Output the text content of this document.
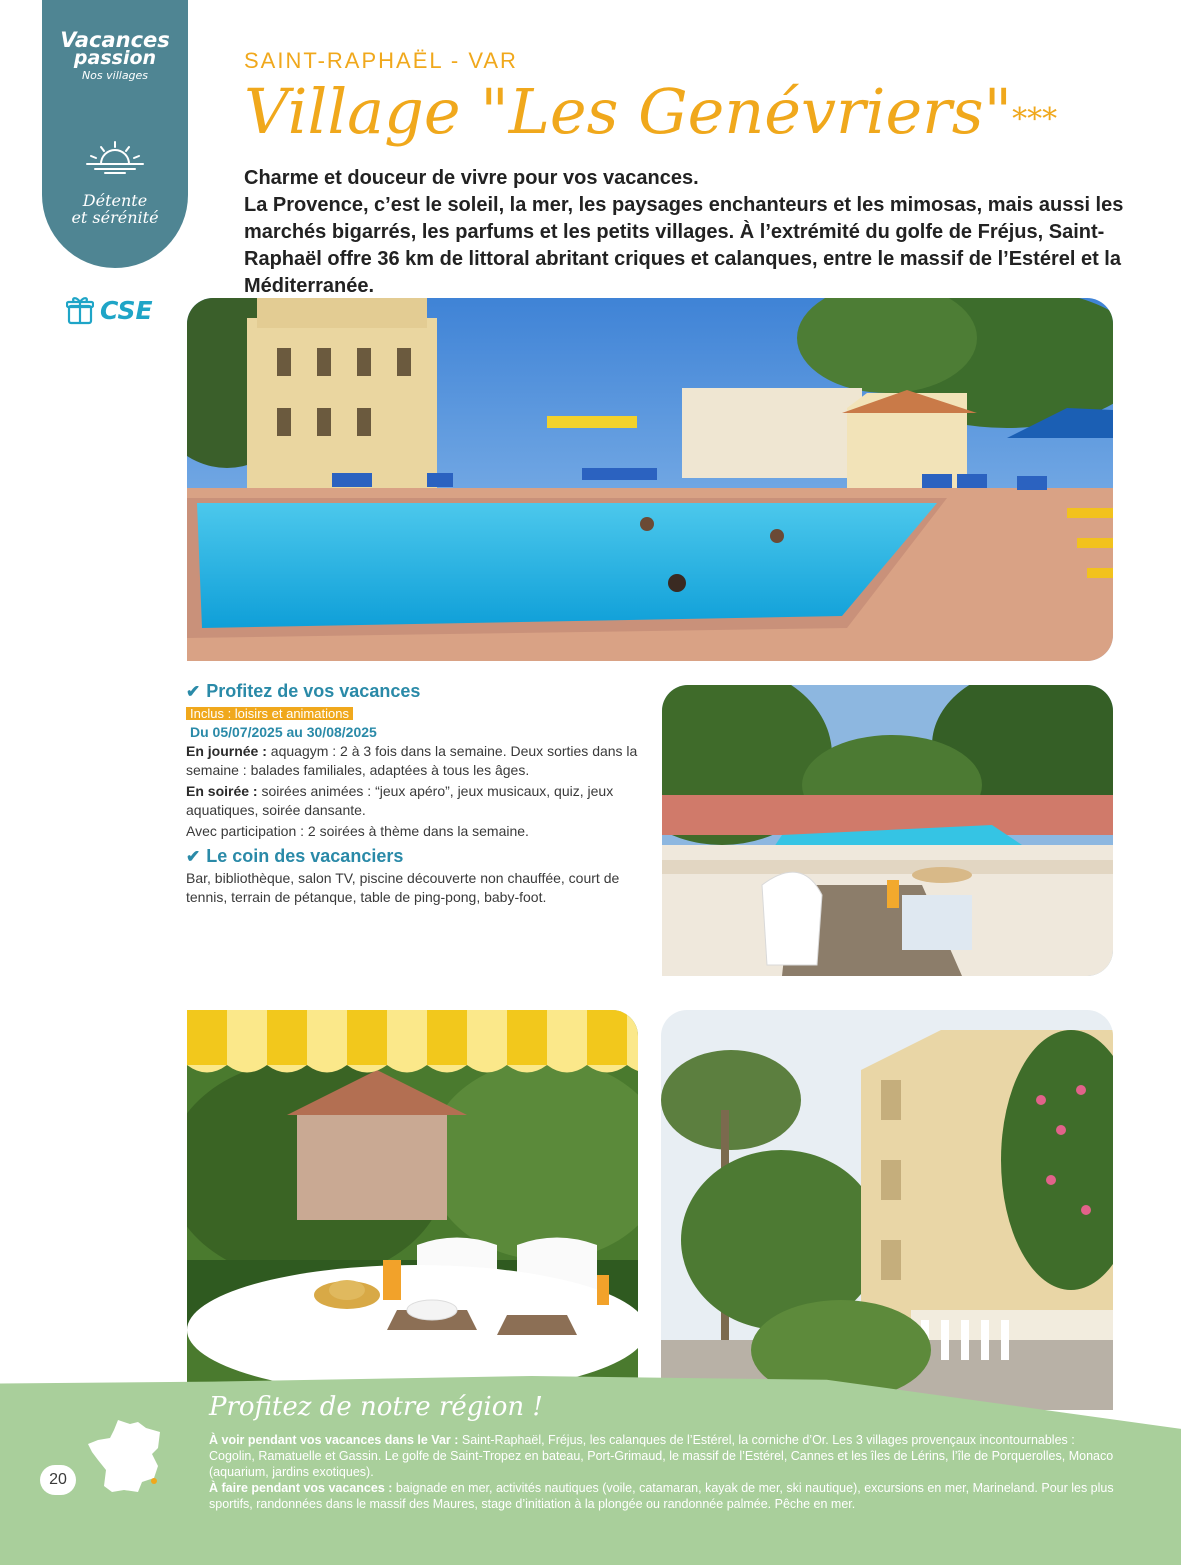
Vacances
passion
Nos villages
Détente
et sérénité
CSE
SAINT-RAPHAËL - VAR
Village "Les Genévriers"***

Charme et douceur de vivre pour vos vacances.

La Provence, c’est le soleil, la mer, les paysages enchanteurs et les mimosas, mais aussi les marchés bigarrés, les parfums et les petits villages. À l’extrémité du golfe de Fréjus, Saint-Raphaël offre 36 km de littoral abritant criques et calanques, entre le massif de l’Estérel et la Méditerranée.

✔ Profitez de vos vacances
Inclus : loisirs et animations
Du 05/07/2025 au 30/08/2025

En journée : aquagym : 2 à 3 fois dans la semaine. Deux sorties dans la semaine : balades familiales, adaptées à tous les âges.

En soirée : soirées animées : “jeux apéro”, jeux musicaux, quiz, jeux aquatiques, soirée dansante.

Avec participation : 2 soirées à thème dans la semaine.

✔ Le coin des vacanciers

Bar, bibliothèque, salon TV, piscine découverte non chauffée, court de tennis, terrain de pétanque, table de ping-pong, baby-foot.

Profitez de notre région !

À voir pendant vos vacances dans le Var : Saint-Raphaël, Fréjus, les calanques de l’Estérel, la corniche d’Or. Les 3 villages provençaux incontournables : Cogolin, Ramatuelle et Gassin. Le golfe de Saint-Tropez en bateau, Port-Grimaud, le massif de l’Estérel, Cannes et les îles de Lérins, l’île de Porquerolles, Monaco (aquarium, jardins exotiques).

À faire pendant vos vacances : baignade en mer, activités nautiques (voile, catamaran, kayak de mer, ski nautique), excursions en mer, Marineland. Pour les plus sportifs, randonnées dans le massif des Maures, stage d’initiation à la plongée ou randonnée palmée. Pêche en mer.

20
